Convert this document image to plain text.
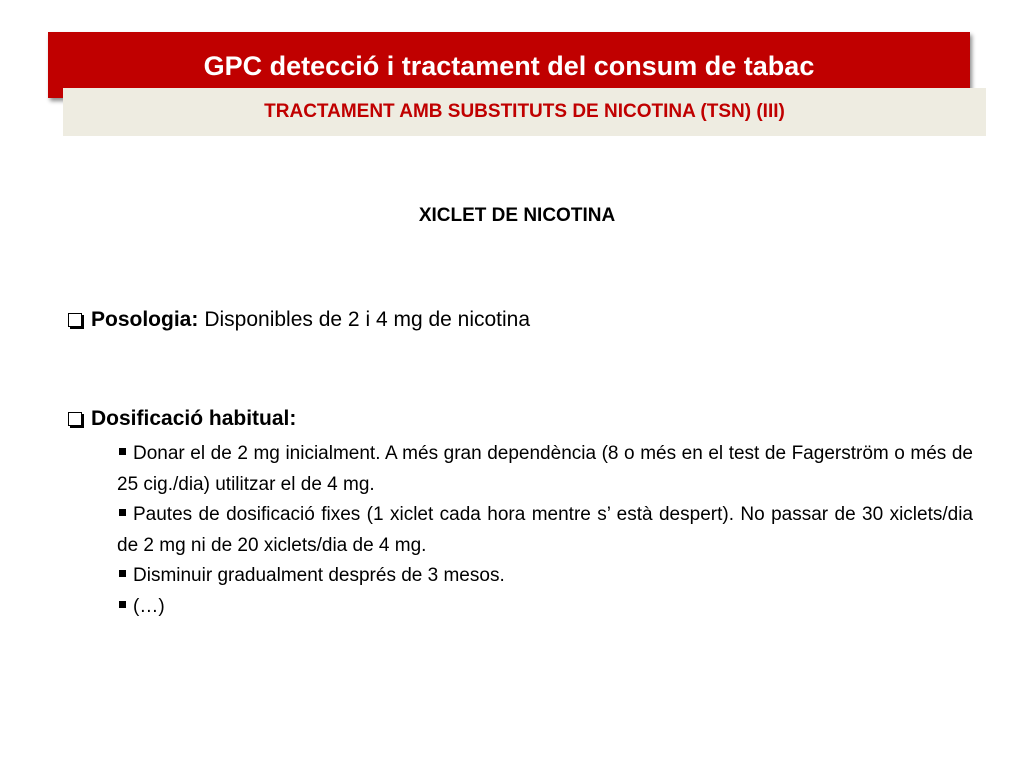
GPC detecció i tractament del consum de tabac
TRACTAMENT AMB SUBSTITUTS DE NICOTINA (TSN) (III)
XICLET DE NICOTINA
Posologia: Disponibles de 2 i 4 mg de nicotina
Dosificació habitual:

Donar el de 2 mg inicialment. A més gran dependència (8 o més en el test de Fagerström o més de 25 cig./dia) utilitzar el de 4 mg.

Pautes de dosificació fixes (1 xiclet cada hora mentre s’ està despert). No passar de 30 xiclets/dia de 2 mg ni de 20 xiclets/dia de 4 mg.

Disminuir gradualment després de 3 mesos.

(…)
